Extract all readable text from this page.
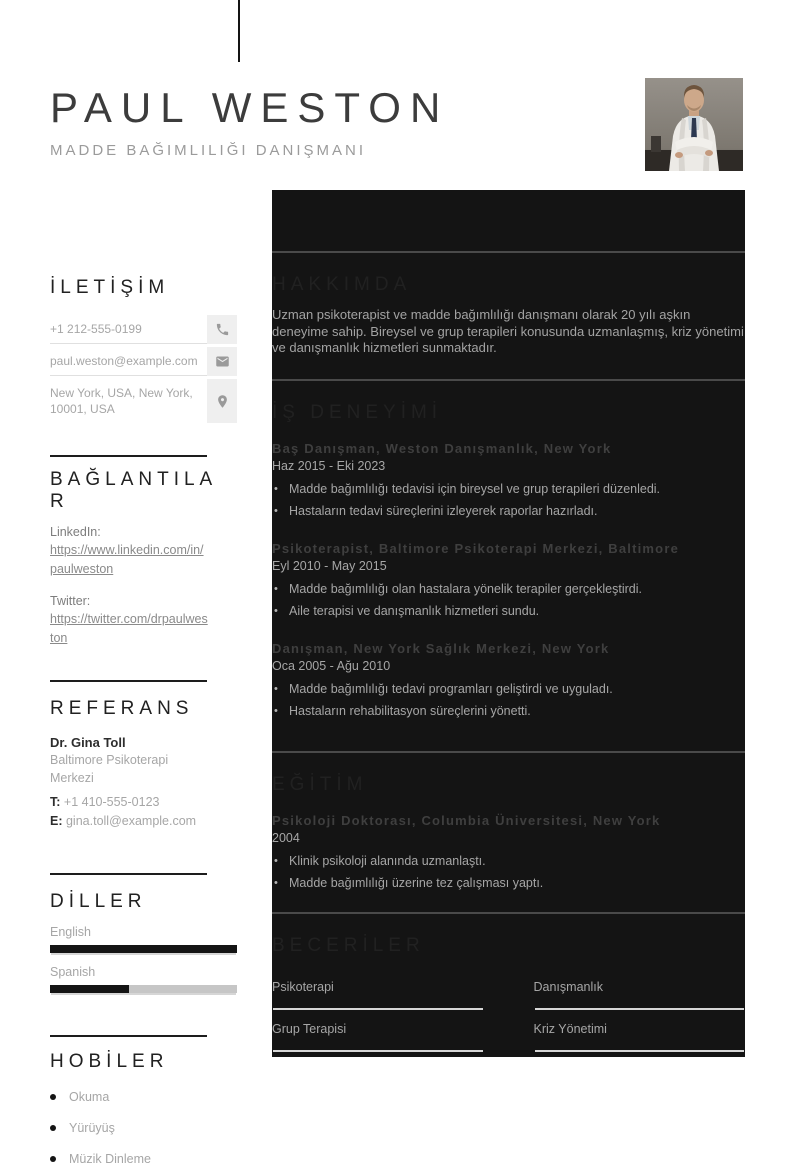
PAUL WESTON
MADDE BAĞIMLILIĞI DANIŞMANI
İLETİŞİM
+1 212-555-0199
paul.weston@example.com
New York, USA, New York, 10001, USA
BAĞLANTILAR
LinkedIn:
https://www.linkedin.com/in/paulweston
Twitter:
https://twitter.com/drpaulweston
REFERANS
Dr. Gina Toll
Baltimore Psikoterapi Merkezi
T: +1 410-555-0123
E: gina.toll@example.com
DİLLER
English
Spanish
HOBİLER
Okuma
Yürüyüş
Müzik Dinleme
HAKKIMDA
Uzman psikoterapist ve madde bağımlılığı danışmanı olarak 20 yılı aşkın deneyime sahip. Bireysel ve grup terapileri konusunda uzmanlaşmış, kriz yönetimi ve danışmanlık hizmetleri sunmaktadır.
İŞ DENEYİMİ
Baş Danışman, Weston Danışmanlık, New York
Haz 2015 - Eki 2023
• Madde bağımlılığı tedavisi için bireysel ve grup terapileri düzenledi.
• Hastaların tedavi süreçlerini izleyerek raporlar hazırladı.
Psikoterapist, Baltimore Psikoterapi Merkezi, Baltimore
Eyl 2010 - May 2015
• Madde bağımlılığı olan hastalara yönelik terapiler gerçekleştirdi.
• Aile terapisi ve danışmanlık hizmetleri sundu.
Danışman, New York Sağlık Merkezi, New York
Oca 2005 - Ağu 2010
• Madde bağımlılığı tedavi programları geliştirdi ve uyguladı.
• Hastaların rehabilitasyon süreçlerini yönetti.
EĞİTİM
Psikoloji Doktorası, Columbia Üniversitesi, New York
2004
• Klinik psikoloji alanında uzmanlaştı.
• Madde bağımlılığı üzerine tez çalışması yaptı.
BECERİLER
Psikoterapi	Danışmanlık
Grup Terapisi	Kriz Yönetimi
